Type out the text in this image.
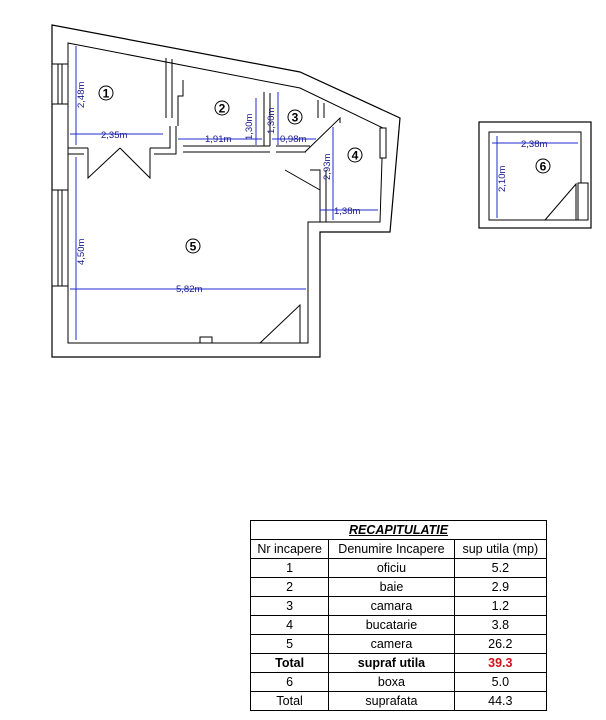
2,48m
2,35m	1,91m 1,30m 1,30m
0,98m
2,93m
1,38m
4,50m
5,82m
2,38m
2,10m
1
2
3
4
5
6
RECAPITULATIE		
Nr incapere	Denumire Incapere	sup utila (mp)
1	oficiu	5.2
2	baie	2.9
3	camara	1.2
4	bucatarie	3.8
5	camera	26.2
Total	supraf utila	39.3
6	boxa	5.0
Total	suprafata	44.3
